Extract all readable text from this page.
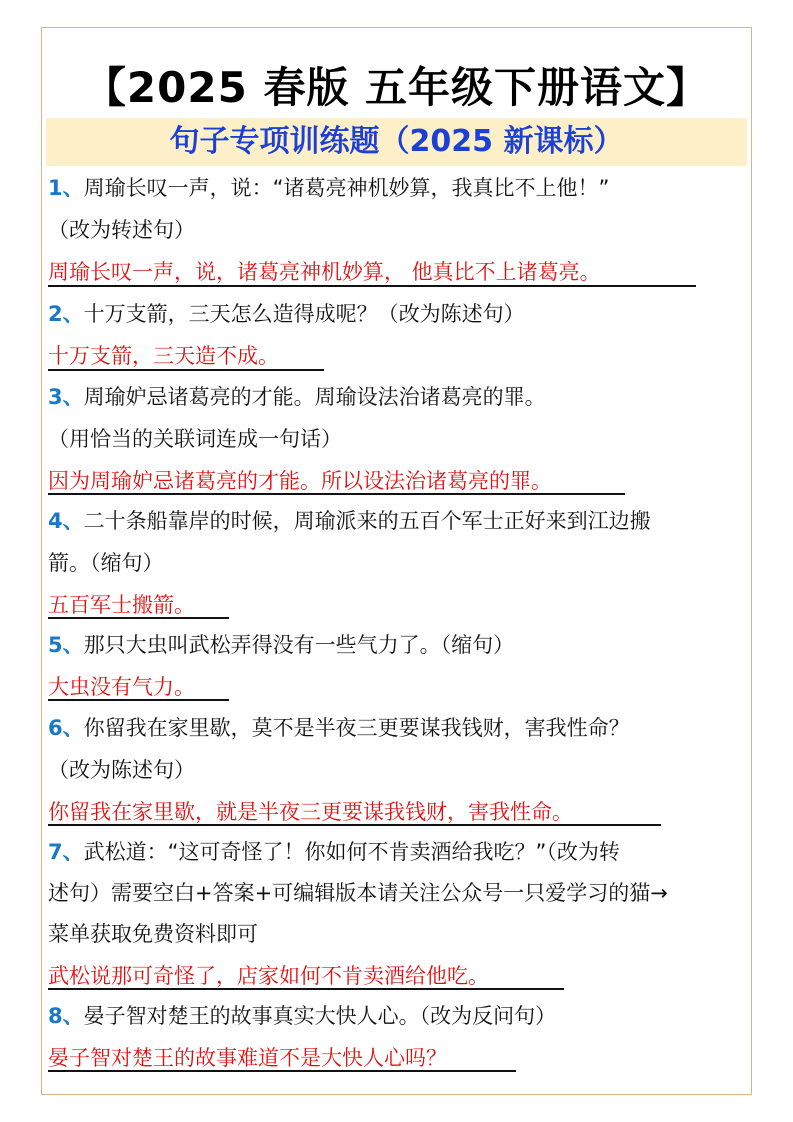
【2025 春版 五年级下册语文】
句子专项训练题（2025 新课标）
1、周瑜长叹一声，说：“诸葛亮神机妙算，我真比不上他！”
（改为转述句）
周瑜长叹一声，说，诸葛亮神机妙算， 他真比不上诸葛亮。
2、十万支箭，三天怎么造得成呢？（改为陈述句）
十万支箭，三天造不成。
3、周瑜妒忌诸葛亮的才能。周瑜设法治诸葛亮的罪。
（用恰当的关联词连成一句话）
因为周瑜妒忌诸葛亮的才能。所以设法治诸葛亮的罪。
4、二十条船靠岸的时候，周瑜派来的五百个军士正好来到江边搬
箭。（缩句）
五百军士搬箭。
5、那只大虫叫武松弄得没有一些气力了。（缩句）
大虫没有气力。
6、你留我在家里歇，莫不是半夜三更要谋我钱财，害我性命？
（改为陈述句）
你留我在家里歇，就是半夜三更要谋我钱财，害我性命。
7、武松道：“这可奇怪了！你如何不肯卖酒给我吃？”（改为转
述句）需要空白+答案+可编辑版本请关注公众号一只爱学习的猫→
菜单获取免费资料即可
武松说那可奇怪了，店家如何不肯卖酒给他吃。
8、晏子智对楚王的故事真实大快人心。（改为反问句）
晏子智对楚王的故事难道不是大快人心吗？
